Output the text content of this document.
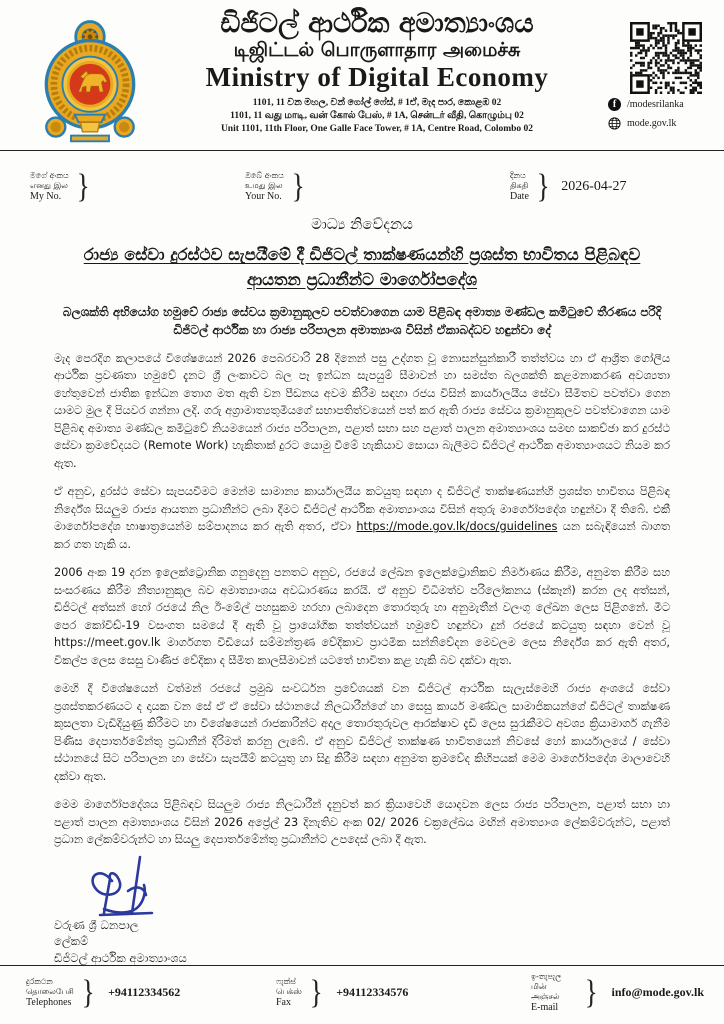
ඩිජිටල් ආර්ථික අමාත්‍යාංශය
டிஜிட்டல் பொருளாதார அமைச்சு
Ministry of Digital Economy
1101, 11 වන මහල, වන් ගෝල් ෆේස්, # 1ඒ, මැද පාර, කොළඹ 02
1101, 11 வது மாடி, வன் கோல் பேஸ், # 1A, சென்டர் வீதி, கொழும்பு 02
Unit 1101, 11th Floor, One Galle Face Tower, # 1A, Centre Road, Colombo 02
f	/modesrilanka
mode.gov.lk
මගේ අංකය
எனது இல
My No. }	ඔබේ අංකය
உமது இல
Your No. }	දිනය
திகதி
Date } 2026-04-27
මාධ්‍ය නිවේදනය
රාජ්‍ය සේවා දුරස්ථව සැපයීමේ දී ඩිජිටල් තාක්ෂණයන්හි ප්‍රශස්ත භාවිතය පිළිබඳව ආයතන ප්‍රධානීන්ට මාර්ගෝපදේශ
බලශක්ති අභියෝග හමුවේ රාජ්‍ය සේවය ක්‍රමානුකූලව පවත්වාගෙන යාම පිළිබඳ අමාත්‍ය මණ්ඩල කමිටුවේ තීරණය පරිදි ඩිජිටල් ආර්ථික හා රාජ්‍ය පරිපාලන අමාත්‍යාංශ විසින් ඒකාබද්ධව හඳුන්වා දේ

මැද පෙරදිග කලාපයේ විශේෂයෙන් 2026 පෙබරවාරි 28 දිනෙන් පසු උද්ගත වූ නොසන්සුන්කාරී තත්ත්වය හා ඒ ආශ්‍රිත ගෝලීය ආර්ථික ප්‍රවණතා හමුවේ දැනට ශ්‍රී ලංකාවට බල පෑ ඉන්ධන සැපයුම් සීමාවන් හා සමස්ත බලශක්ති කළමනාකරණ අවශ්‍යතා හේතුවෙන් ජාතික ඉන්ධන තොග මත ඇති වන පීඩනය අවම කිරීම සඳහා රජය විසින් කාර්යාලයීය සේවා සීමිතව පවත්වා ගෙන යාමට මුල දී පියවර ගන්නා ලදි. ගරු අග්‍රාමාත්‍යතුමීයගේ සභාපතිත්වයෙන් පත් කර ඇති රාජ්‍ය සේවය ක්‍රමානුකූලව පවත්වාගෙන යාම පිළිබඳ අමාත්‍ය මණ්ඩල කමිටුවේ නියමයෙන් රාජ්‍ය පරිපාලන, පළාත් සභා සහ පළාත් පාලන අමාත්‍යාංශය සමඟ සාකච්ඡා කර දුරස්ථ සේවා ක්‍රමවේදයට (Remote Work) හැකිතාක් දුරට යොමු වීමේ හැකියාව සොයා බැලීමට ඩිජිටල් ආර්ථික අමාත්‍යාංශයට නියම කර ඇත.

ඒ අනුව, දුරස්ථ සේවා සැපයවීමට මෙන්ම සාමාන්‍ය කාර්යාලයීය කටයුතු සඳහා ද ඩිජිටල් තාක්ෂණයන්හි ප්‍රශස්ත භාවිතය පිළිබඳ නිර්දේශ සියලුම රාජ්‍ය ආයතන ප්‍රධානීන්ට ලබා දීමට ඩිජිටල් ආර්ථික අමාත්‍යාංශය විසින් අතුරු මාර්ගෝපදේශ හඳුන්වා දී තිබේ. එකී මාර්ගෝපදේශ භාෂාත්‍රයෙන්ම සම්පාදනය කර ඇති අතර, ඒවා https://mode.gov.lk/docs/guidelines යන සබැඳියෙන් බාගත කර ගත හැකි ය.

2006 අංක 19 දරන ඉලෙක්ට්‍රොනික ගනුදෙනු පනතට අනුව, රජයේ ලේඛන ඉලෙක්ට්‍රොනිකව නිර්මාණය කිරීම, අනුමත කිරීම සහ සංසරණය කිරීම නීත්‍යානුකූල බව අමාත්‍යාංශය අවධාරණය කරයි. ඒ අනුව විධිමත්ව පරිලෝකනය (ස්කෑන්) කරන ලද අත්සන්, ඩිජිටල් අත්සන් හෝ රජයේ නිල ඊ-මේල් පහසුකම හරහා ලබාදෙන තොරතුරු හා අනුමැතීන් වලංගු ලේඛන ලෙස පිළිගනේ. මීට පෙර කෝවිඩ්-19 වසංගත සමයේ දී ඇති වූ ප්‍රායෝගික තත්ත්වයන් හමුවේ හඳුන්වා දුන් රජයේ කටයුතු සඳහා වෙන් වූ https://meet.gov.lk මාර්ගගත වීඩියෝ සම්මන්ත්‍රණ වේදිකාව ප්‍රාථමික සන්නිවේදන මෙවලම ලෙස නිර්දේශ කර ඇති අතර, විකල්ප ලෙස සෙසු වාණිජ වේදිකා ද සීමිත කාලසීමාවන් යටතේ භාවිතා කළ හැකි බව දක්වා ඇත.

මෙහි දී විශේෂයෙන් වත්මන් රජයේ ප්‍රමුඛ සංවර්ධන ප්‍රවේශයක් වන ඩිජිටල් ආර්ථික සැලැස්මෙහි රාජ්‍ය අංශයේ සේවා ප්‍රශස්තකරණයට ද දායක වන සේ ඒ ඒ සේවා ස්ථානයේ නිලධාරීන්ගේ හා සෙසු කාර්ය මණ්ඩල සාමාජිකයන්ගේ ඩිජිටල් තාක්ෂණ කුසලතා වැඩිදියුණු කිරීමට හා විශේෂයෙන් රාජකාරින්ට අදාල තොරතුරුවල ආරක්ෂාව දැඩි ලෙස සුරැකීමට අවශ්‍ය ක්‍රියාමාර්ග ගැනීම පිණිස දෙපාර්තමේන්තු ප්‍රධානීන් දිරිමත් කරනු ලැබේ. ඒ අනුව ඩිජිටල් තාක්ෂණ භාවිතයෙන් නිවසේ හෝ කාර්යාලයේ / සේවා ස්ථානයේ සිට පරිපාලන හා සේවා සැපයීම් කටයුතු හා සිදු කිරීම සඳහා අනුමත ක්‍රමවේද කිහිපයක් මෙම මාර්ගෝපදේශ මාලාවෙහි දක්වා ඇත.

මෙම මාර්ගෝපදේශය පිළිබඳව සියලුම රාජ්‍ය නිලධාරීන් දැනුවත් කර ක්‍රියාවෙහි යොදවන ලෙස රාජ්‍ය පරිපාලන, පළාත් සභා හා පළාත් පාලන අමාත්‍යාංශය විසින් 2026 අප්‍රේල් 23 දිනැතිව අංක 02/ 2026 චක්‍රලේඛය මඟින් අමාත්‍යාංශ ලේකම්වරුන්ට, පළාත් ප්‍රධාන ලේකම්වරුන්ට හා සියලු දෙපාර්තමේන්තු ප්‍රධානීන්ට උපදෙස් ලබා දී ඇත.

වරුණ ශ්‍රී ධනපාල
ලේකම්
ඩිජිටල් ආර්ථික අමාත්‍යාංශය
දුරකථන
தொலைபேசி
Telephones } +94112334562
ෆැක්ස්
பெக்ஸ்
Fax } +94112334576
ඉ-තැපැල
மின் அஞ்சல்
E-mail } info@mode.gov.lk
